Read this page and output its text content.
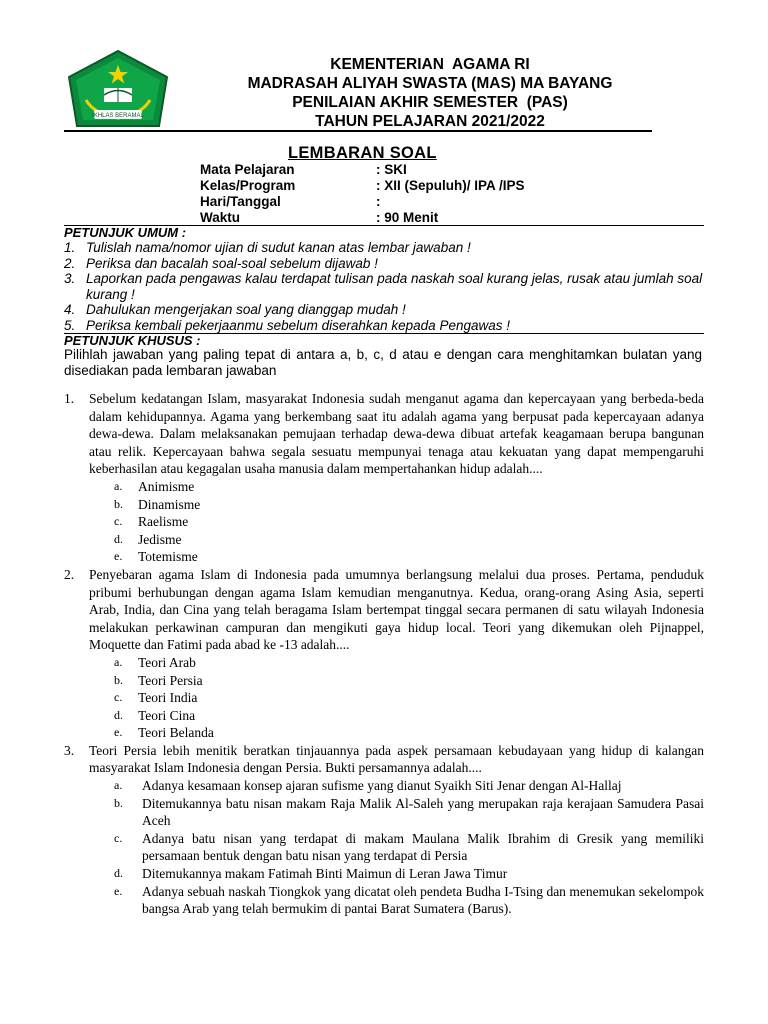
IKHLAS BERAMAL
KEMENTERIAN  AGAMA RI
MADRASAH ALIYAH SWASTA (MAS) MA BAYANG
PENILAIAN AKHIR SEMESTER  (PAS)
TAHUN PELAJARAN 2021/2022
LEMBARAN SOAL
Mata Pelajaran	: SKI
Kelas/Program	: XII (Sepuluh)/ IPA /IPS
Hari/Tanggal	:
Waktu	: 90 Menit
PETUNJUK UMUM :
1. Tulislah nama/nomor ujian di sudut kanan atas lembar jawaban !
2. Periksa dan bacalah soal-soal sebelum dijawab !
3. Laporkan pada pengawas kalau terdapat tulisan pada naskah soal kurang jelas, rusak atau jumlah soal kurang !
4. Dahulukan mengerjakan soal yang dianggap mudah !
5. Periksa kembali pekerjaanmu sebelum diserahkan kepada Pengawas !
PETUNJUK KHUSUS :
Pilihlah jawaban yang paling tepat di antara a, b, c, d atau e dengan cara menghitamkan bulatan yang disediakan pada lembaran jawaban
1.	Sebelum kedatangan Islam, masyarakat Indonesia sudah menganut agama dan kepercayaan yang berbeda-beda dalam kehidupannya. Agama yang berkembang saat itu adalah agama yang berpusat pada kepercayaan adanya dewa-dewa. Dalam melaksanakan pemujaan terhadap dewa-dewa dibuat artefak keagamaan berupa bangunan atau relik. Kepercayaan bahwa segala sesuatu mempunyai tenaga atau kekuatan yang dapat mempengaruhi keberhasilan atau kegagalan usaha manusia dalam mempertahankan hidup adalah....
a.	Animisme
b.	Dinamisme
c.	Raelisme
d.	Jedisme
e.	Totemisme
2.	Penyebaran agama Islam di Indonesia pada umumnya berlangsung melalui dua proses. Pertama, penduduk pribumi berhubungan dengan agama Islam kemudian menganutnya. Kedua, orang-orang Asing Asia, seperti Arab, India, dan Cina yang telah beragama Islam bertempat tinggal secara permanen di satu wilayah Indonesia melakukan perkawinan campuran dan mengikuti gaya hidup local. Teori yang dikemukan oleh Pijnappel, Moquette dan Fatimi pada abad ke -13 adalah....
a.	Teori Arab
b.	Teori Persia
c.	Teori India
d.	Teori Cina
e.	Teori Belanda
3.	Teori Persia lebih menitik beratkan tinjauannya pada aspek persamaan kebudayaan yang hidup di kalangan masyarakat Islam Indonesia dengan Persia. Bukti persamannya adalah....
a.	Adanya kesamaan konsep ajaran sufisme yang dianut Syaikh Siti Jenar dengan Al-Hallaj
b.	Ditemukannya batu nisan makam Raja Malik Al-Saleh yang merupakan raja kerajaan Samudera Pasai Aceh
c.	Adanya batu nisan yang terdapat di makam Maulana Malik Ibrahim di Gresik yang memiliki persamaan bentuk dengan batu nisan yang terdapat di Persia
d.	Ditemukannya makam Fatimah Binti Maimun di Leran Jawa Timur
e.	Adanya sebuah naskah Tiongkok yang dicatat oleh pendeta Budha I-Tsing dan menemukan sekelompok bangsa Arab yang telah bermukim di pantai Barat Sumatera (Barus).
